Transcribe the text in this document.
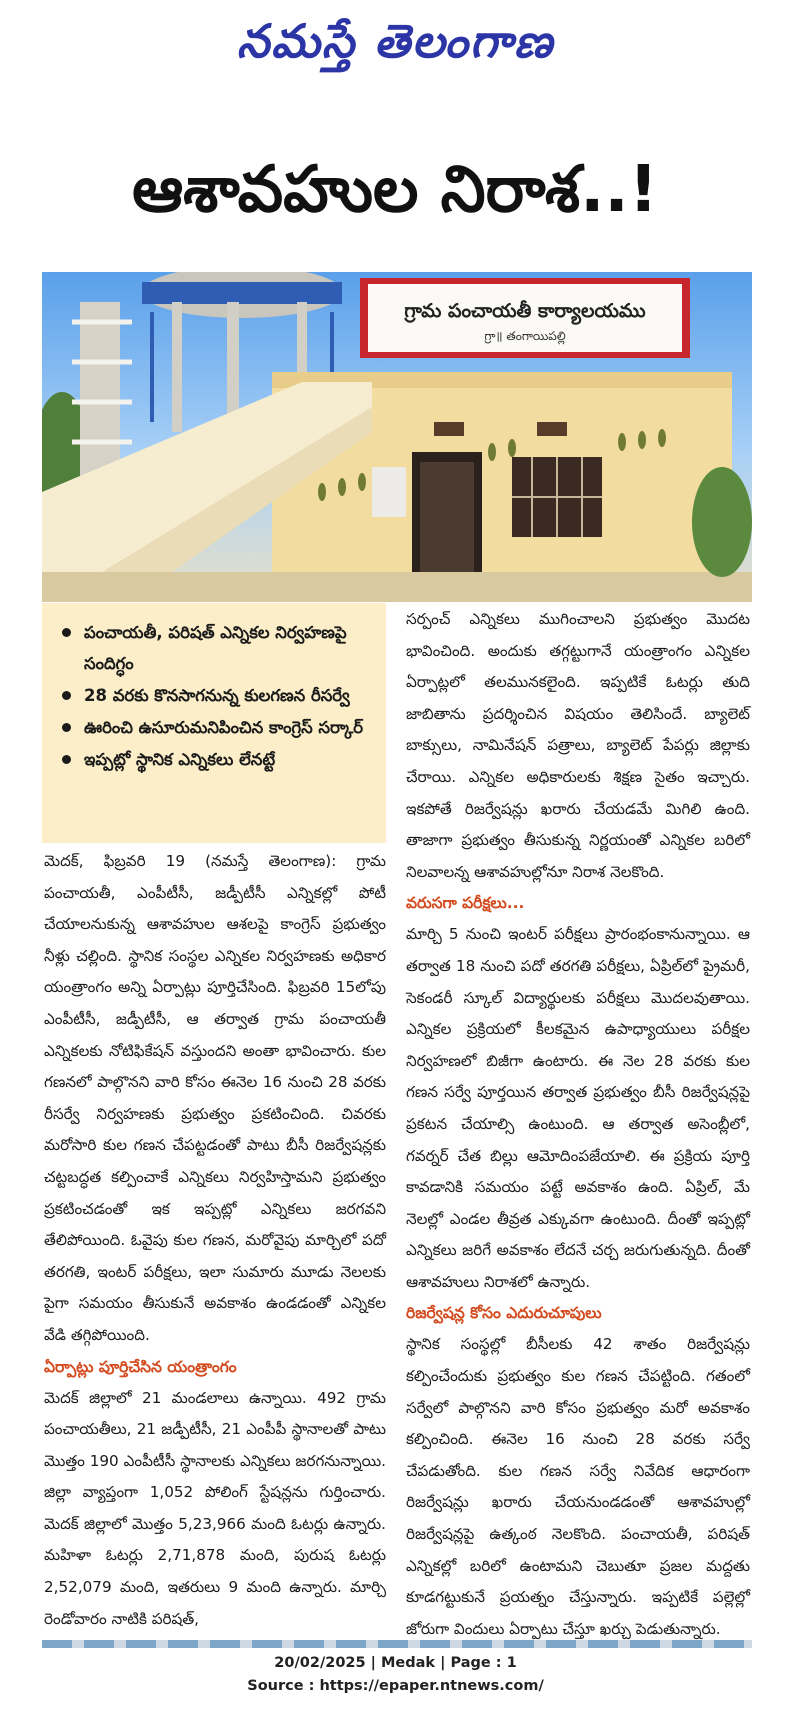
నమస్తే తెలంగాణ
ఆశావహుల నిరాశ..!
గ్రామ పంచాయతీ కార్యాలయము
గ్రా॥ తంగాయిపల్లి
పంచాయతీ, పరిషత్ ఎన్నికల నిర్వహణపై సందిగ్ధం
28 వరకు కొనసాగనున్న కులగణన రీసర్వే
ఊరించి ఉసూరుమనిపించిన కాంగ్రెస్ సర్కార్
ఇప్పట్లో స్థానిక ఎన్నికలు లేనట్టే

మెదక్, ఫిబ్రవరి 19 (నమస్తే తెలంగాణ): గ్రామ పంచాయతీ, ఎంపీటీసీ, జడ్పీటీసీ ఎన్నికల్లో పోటీ చేయాలనుకున్న ఆశావహుల ఆశలపై కాంగ్రెస్ ప్రభుత్వం నీళ్లు చల్లింది. స్థానిక సంస్థల ఎన్నికల నిర్వహణకు అధికార యంత్రాంగం అన్ని ఏర్పాట్లు పూర్తిచేసింది. ఫిబ్రవరి 15లోపు ఎంపీటీసీ, జడ్పీటీసీ, ఆ తర్వాత గ్రామ పంచాయతీ ఎన్నికలకు నోటిఫికేషన్ వస్తుందని అంతా భావించారు. కుల గణనలో పాల్గొనని వారి కోసం ఈనెల 16 నుంచి 28 వరకు రీసర్వే నిర్వహణకు ప్రభుత్వం ప్రకటించింది. చివరకు మరోసారి కుల గణన చేపట్టడంతో పాటు బీసీ రిజర్వేషన్లకు చట్టబద్ధత కల్పించాకే ఎన్నికలు నిర్వహిస్తామని ప్రభుత్వం ప్రకటించడంతో ఇక ఇప్పట్లో ఎన్నికలు జరగవని తేలిపోయింది. ఓవైపు కుల గణన, మరోవైపు మార్చిలో పదో తరగతి, ఇంటర్ పరీక్షలు, ఇలా సుమారు మూడు నెలలకు పైగా సమయం తీసుకునే అవకాశం ఉండడంతో ఎన్నికల వేడి తగ్గిపోయింది.

ఏర్పాట్లు పూర్తిచేసిన యంత్రాంగం

మెదక్ జిల్లాలో 21 మండలాలు ఉన్నాయి. 492 గ్రామ పంచాయతీలు, 21 జడ్పీటీసీ, 21 ఎంపీపీ స్థానాలతో పాటు మొత్తం 190 ఎంపీటీసీ స్థానాలకు ఎన్నికలు జరగనున్నాయి. జిల్లా వ్యాప్తంగా 1,052 పోలింగ్ స్టేషన్లను గుర్తించారు. మెదక్ జిల్లాలో మొత్తం 5,23,966 మంది ఓటర్లు ఉన్నారు. మహిళా ఓటర్లు 2,71,878 మంది, పురుష ఓటర్లు 2,52,079 మంది, ఇతరులు 9 మంది ఉన్నారు. మార్చి రెండోవారం నాటికి పరిషత్,

సర్పంచ్ ఎన్నికలు ముగించాలని ప్రభుత్వం మొదట భావించింది. అందుకు తగ్గట్టుగానే యంత్రాంగం ఎన్నికల ఏర్పాట్లలో తలమునకలైంది. ఇప్పటికే ఓటర్లు తుది జాబితాను ప్రదర్శించిన విషయం తెలిసిందే. బ్యాలెట్ బాక్సులు, నామినేషన్ పత్రాలు, బ్యాలెట్ పేపర్లు జిల్లాకు చేరాయి. ఎన్నికల అధికారులకు శిక్షణ సైతం ఇచ్చారు. ఇకపోతే రిజర్వేషన్లు ఖరారు చేయడమే మిగిలి ఉంది. తాజాగా ప్రభుత్వం తీసుకున్న నిర్ణయంతో ఎన్నికల బరిలో నిలవాలన్న ఆశావహుల్లోనూ నిరాశ నెలకొంది.

వరుసగా పరీక్షలు...

మార్చి 5 నుంచి ఇంటర్ పరీక్షలు ప్రారంభంకానున్నాయి. ఆ తర్వాత 18 నుంచి పదో తరగతి పరీక్షలు, ఏప్రిల్‌లో ప్రైమరీ, సెకండరీ స్కూల్ విద్యార్థులకు పరీక్షలు మొదలవుతాయి. ఎన్నికల ప్రక్రియలో కీలకమైన ఉపాధ్యాయులు పరీక్షల నిర్వహణలో బిజీగా ఉంటారు. ఈ నెల 28 వరకు కుల గణన సర్వే పూర్తయిన తర్వాత ప్రభుత్వం బీసీ రిజర్వేషన్లపై ప్రకటన చేయాల్సి ఉంటుంది. ఆ తర్వాత అసెంబ్లీలో, గవర్నర్ చేత బిల్లు ఆమోదింపజేయాలి. ఈ ప్రక్రియ పూర్తి కావడానికి సమయం పట్టే అవకాశం ఉంది. ఏప్రిల్, మే నెలల్లో ఎండల తీవ్రత ఎక్కువగా ఉంటుంది. దీంతో ఇప్పట్లో ఎన్నికలు జరిగే అవకాశం లేదనే చర్చ జరుగుతున్నది. దీంతో ఆశావహులు నిరాశలో ఉన్నారు.

రిజర్వేషన్ల కోసం ఎదురుచూపులు

స్థానిక సంస్థల్లో బీసీలకు 42 శాతం రిజర్వేషన్లు కల్పించేందుకు ప్రభుత్వం కుల గణన చేపట్టింది. గతంలో సర్వేలో పాల్గొనని వారి కోసం ప్రభుత్వం మరో అవకాశం కల్పించింది. ఈనెల 16 నుంచి 28 వరకు సర్వే చేపడుతోంది. కుల గణన సర్వే నివేదిక ఆధారంగా రిజర్వేషన్లు ఖరారు చేయనుండడంతో ఆశావహుల్లో రిజర్వేషన్లపై ఉత్కంఠ నెలకొంది. పంచాయతీ, పరిషత్ ఎన్నికల్లో బరిలో ఉంటామని చెబుతూ ప్రజల మద్దతు కూడగట్టుకునే ప్రయత్నం చేస్తున్నారు. ఇప్పటికే పల్లెల్లో జోరుగా విందులు ఏర్పాటు చేస్తూ ఖర్చు పెడుతున్నారు.

20/02/2025 | Medak | Page : 1
Source : https://epaper.ntnews.com/
